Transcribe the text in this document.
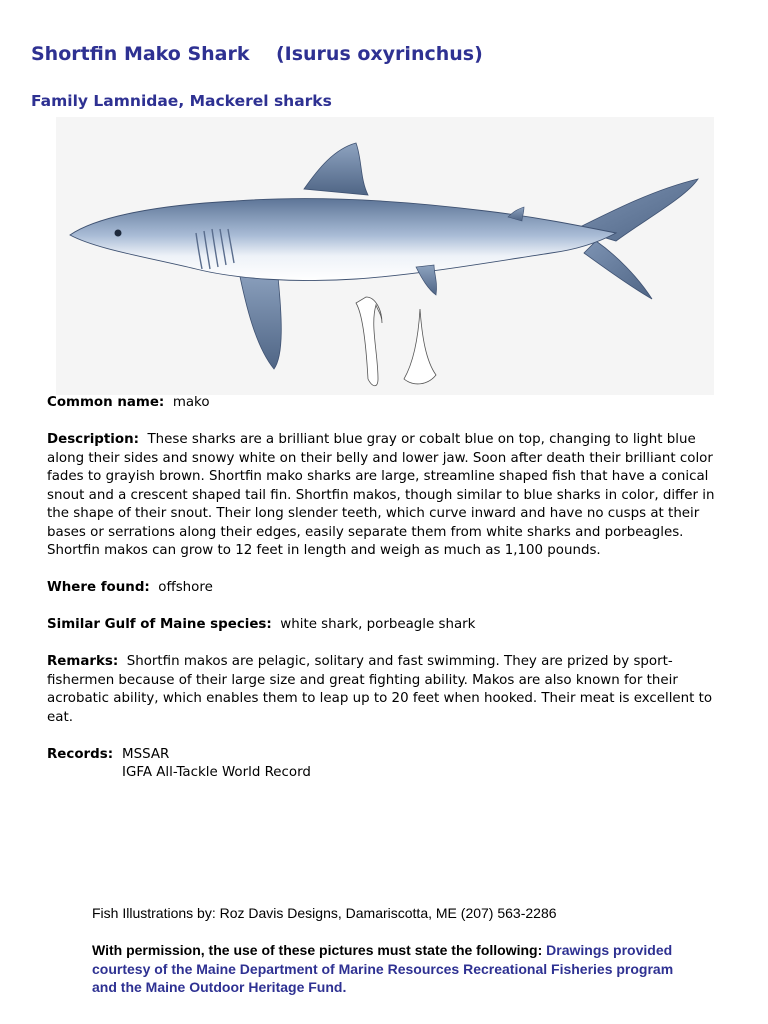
Shortfin Mako Shark    (Isurus oxyrinchus)
Family Lamnidae, Mackerel sharks

Common name: mako

Description: These sharks are a brilliant blue gray or cobalt blue on top, changing to light blue along their sides and snowy white on their belly and lower jaw. Soon after death their brilliant color fades to grayish brown. Shortfin mako sharks are large, streamline shaped fish that have a conical snout and a crescent shaped tail fin. Shortfin makos, though similar to blue sharks in color, differ in the shape of their snout. Their long slender teeth, which curve inward and have no cusps at their bases or serrations along their edges, easily separate them from white sharks and porbeagles. Shortfin makos can grow to 12 feet in length and weigh as much as 1,100 pounds.

Where found: offshore

Similar Gulf of Maine species: white shark, porbeagle shark

Remarks: Shortfin makos are pelagic, solitary and fast swimming. They are prized by sport-fishermen because of their large size and great fighting ability. Makos are also known for their acrobatic ability, which enables them to leap up to 20 feet when hooked. Their meat is excellent to eat.

Records: MSSAR
IGFA All-Tackle World Record

Fish Illustrations by: Roz Davis Designs, Damariscotta, ME (207) 563-2286

With permission, the use of these pictures must state the following: Drawings provided courtesy of the Maine Department of Marine Resources Recreational Fisheries program and the Maine Outdoor Heritage Fund.
